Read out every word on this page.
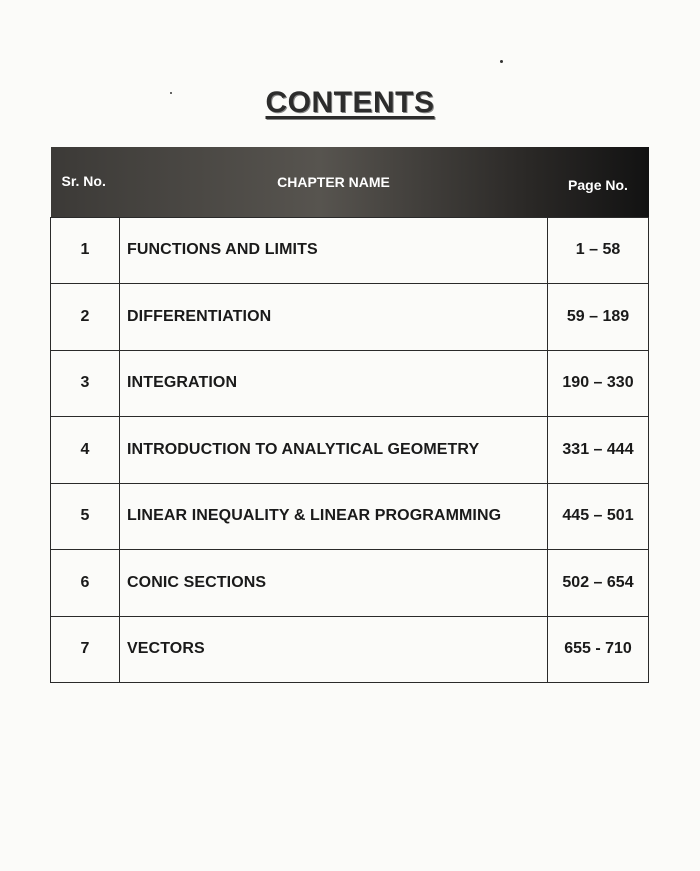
CONTENTS
Sr. No.	CHAPTER NAME	Page No.
1	FUNCTIONS AND LIMITS	1 – 58
2	DIFFERENTIATION	59 – 189
3	INTEGRATION	190 – 330
4	INTRODUCTION TO ANALYTICAL GEOMETRY	331 – 444
5	LINEAR INEQUALITY & LINEAR PROGRAMMING	445 – 501
6	CONIC SECTIONS	502 – 654
7	VECTORS	655 - 710
